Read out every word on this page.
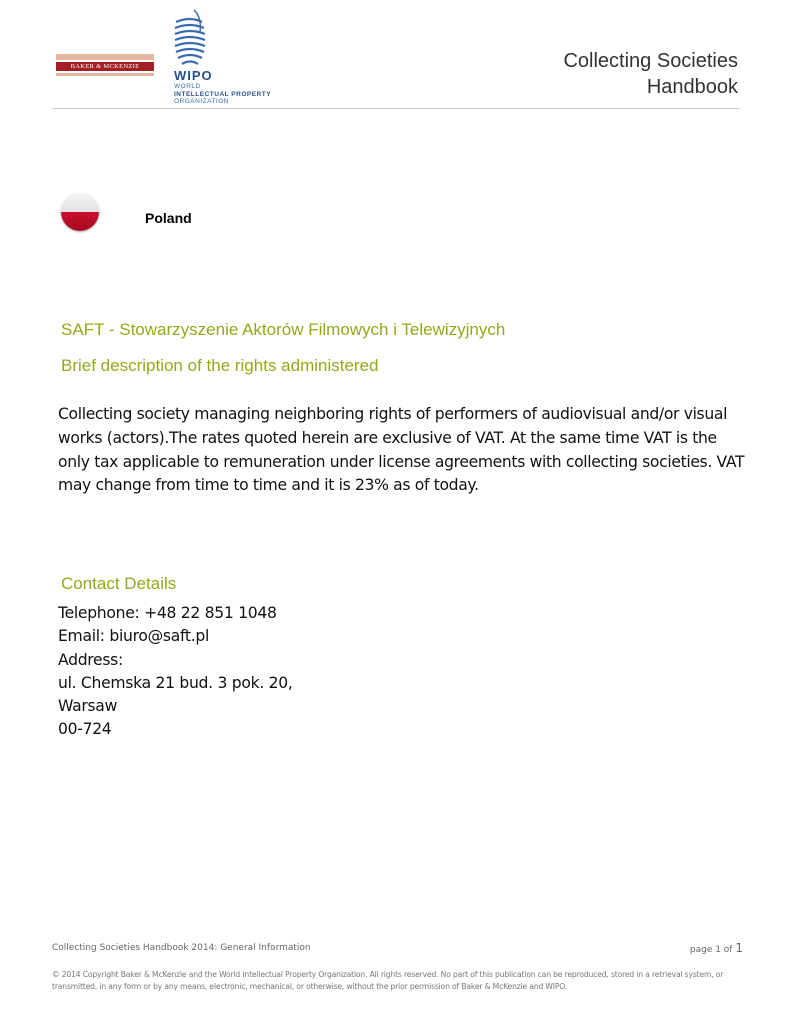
BAKER & MCKENZIE
WIPO
WORLD
INTELLECTUAL PROPERTY
ORGANIZATION
Collecting Societies
Handbook
Poland
SAFT - Stowarzyszenie Aktorów Filmowych i Telewizyjnych
Brief description of the rights administered
Collecting society managing neighboring rights of performers of audiovisual and/or visual works (actors).The rates quoted herein are exclusive of VAT. At the same time VAT is the only tax applicable to remuneration under license agreements with collecting societies. VAT may change from time to time and it is 23% as of today.
Contact Details
Telephone: +48 22 851 1048
Email: biuro@saft.pl
Address:
ul. Chemska 21 bud. 3 pok. 20,
Warsaw
00-724
Collecting Societies Handbook 2014: General Information	page 1 of 1
© 2014 Copyright Baker & McKenzie and the World Intellectual Property Organization. All rights reserved. No part of this publication can be reproduced, stored in a retrieval system, or transmitted, in any form or by any means, electronic, mechanical, or otherwise, without the prior permission of Baker & McKenzie and WIPO.
